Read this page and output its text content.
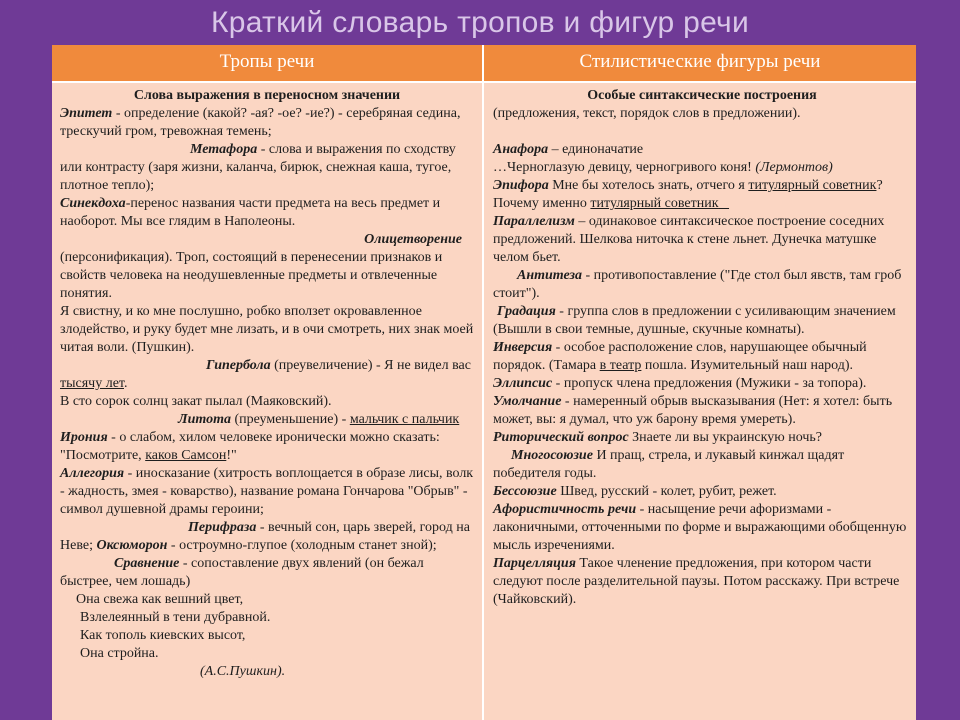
Краткий словарь тропов и фигур речи
Тропы речи	Стилистические фигуры речи
Слова выражения в переносном значении
Эпитет - определение (какой? -ая? -ое? -ие?) - серебряная седина, трескучий гром, тревожная темень;
Метафора - слова и выражения по сходству или контрасту (заря жизни, каланча, бирюк, снежная каша, тугое, плотное тепло);
Синекдоха-перенос названия части предмета на весь предмет и наоборот. Мы все глядим в Наполеоны.
Олицетворение
(персонификация). Троп, состоящий в перенесении признаков и свойств человека на неодушевленные предметы и отвлеченные понятия.
Я свистну, и ко мне послушно, робко вползет окровавленное злодейство, и руку будет мне лизать, и в очи смотреть, них знак моей читая воли. (Пушкин).
Гипербола (преувеличение) - Я не видел вас тысячу лет.
В сто сорок солнц закат пылал (Маяковский).
Литота (преуменьшение) - мальчик с пальчик
Ирония - о слабом, хилом человеке иронически можно сказать: "Посмотрите, каков Самсон!"
Аллегория - иносказание (хитрость воплощается в образе лисы, волк - жадность, змея - коварство), название романа Гончарова "Обрыв" - символ душевной драмы героини;
Перифраза - вечный сон, царь зверей, город на Неве; Оксюморон - остроумно-глупое (холодным станет зной);Сравнение - сопоставление двух явлений (он бежал быстрее, чем лошадь)
Она свежа как вешний цвет,
Взлелеянный в тени дубравной.
Как тополь киевских высот,
Она стройна.
(А.С.Пушкин).
Особые синтаксические построения
(предложения, текст, порядок слов в предложении).
Анафора – единоначатие
…Черноглазую девицу, черногривого коня! (Лермонтов)
Эпифора Мне бы хотелось знать, отчего я титулярный советник? Почему именно титулярный советник
Параллелизм – одинаковое синтаксическое построение соседних предложений. Шелкова ниточка к стене льнет. Дунечка матушке челом бьет.
Антитеза - противопоставление ("Где стол был явств, там гроб стоит").
Градация - группа слов в предложении с усиливающим значением (Вышли в свои темные, душные, скучные комнаты).
Инверсия - особое расположение слов, нарушающее обычный порядок. (Тамара в театр пошла. Изумительный наш народ).
Эллипсис - пропуск члена предложения (Мужики - за топора).
Умолчание - намеренный обрыв высказывания (Нет: я хотел: быть может, вы: я думал, что уж барону время умереть).
Риторический вопрос Знаете ли вы украинскую ночь?
Многосоюзие И пращ, стрела, и лукавый кинжал щадят победителя годы.
Бессоюзие Швед, русский - колет, рубит, режет.
Афористичность речи - насыщение речи афоризмами - лаконичными, отточенными по форме и выражающими обобщенную мысль изречениями.
Парцелляция Такое членение предложения, при котором части следуют после разделительной паузы. Потом расскажу. При встрече (Чайковский).
